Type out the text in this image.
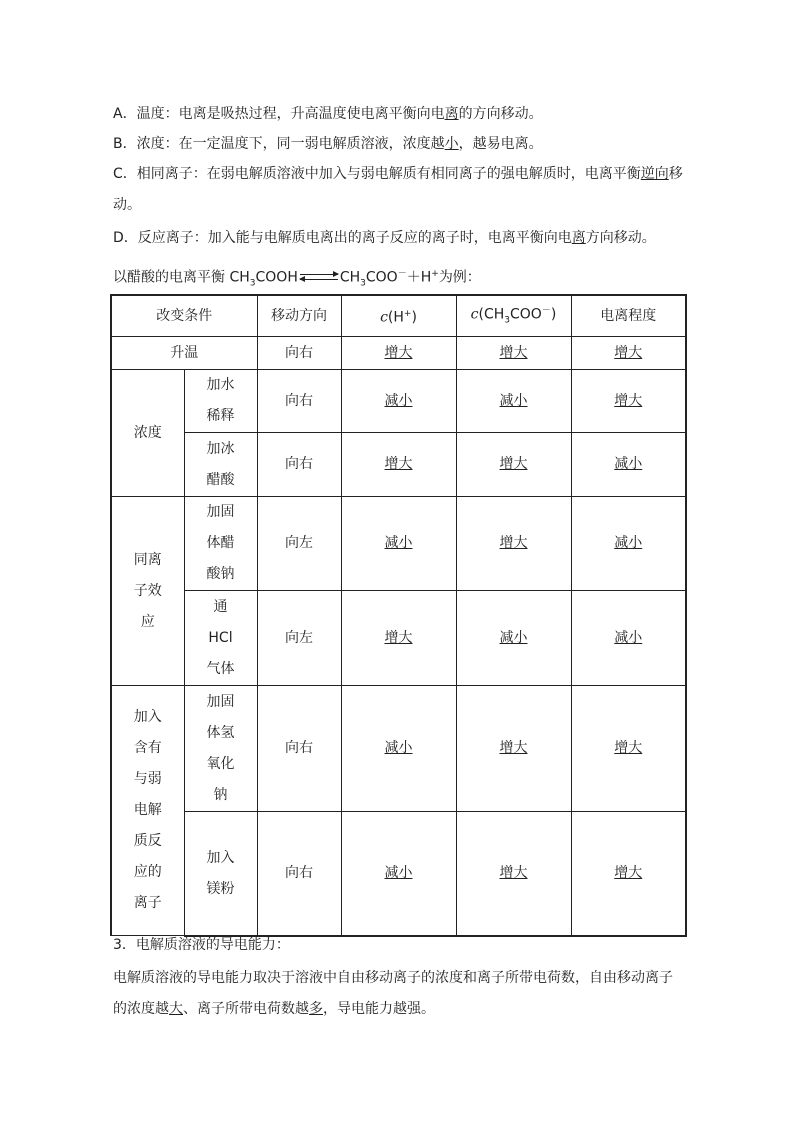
A．温度：电离是吸热过程，升高温度使电离平衡向电离的方向移动。
B．浓度：在一定温度下，同一弱电解质溶液，浓度越小，越易电离。
C．相同离子：在弱电解质溶液中加入与弱电解质有相同离子的强电解质时，电离平衡逆向移
动。
D．反应离子：加入能与电解质电离出的离子反应的离子时，电离平衡向电离方向移动。
以醋酸的电离平衡 $CH_3COOH$ ⇌ $CH_3COO^-+H^+$为例：
改变条件		移动方向	c(H+)	$c(CH_3COO^-)$	电离程度
升温		向右	增大	增大	增大
浓度	加水稀释	向右	减小	减小	增大
	加冰醋酸	向右	增大	增大	减小
同离子效应	加固体醋酸钠	向左	减小	增大	减小

	通
HCl
气体	向左	增大	减小	减小
加入含有与弱电解质反应的离子	加固体氢氧化钠	向右	减小	增大	增大
	加入镁粉	向右	减小	增大	增大
3．电解质溶液的导电能力：
电解质溶液的导电能力取决于溶液中自由移动离子的浓度和离子所带电荷数，自由移动离子
的浓度越大、离子所带电荷数越多，导电能力越强。
